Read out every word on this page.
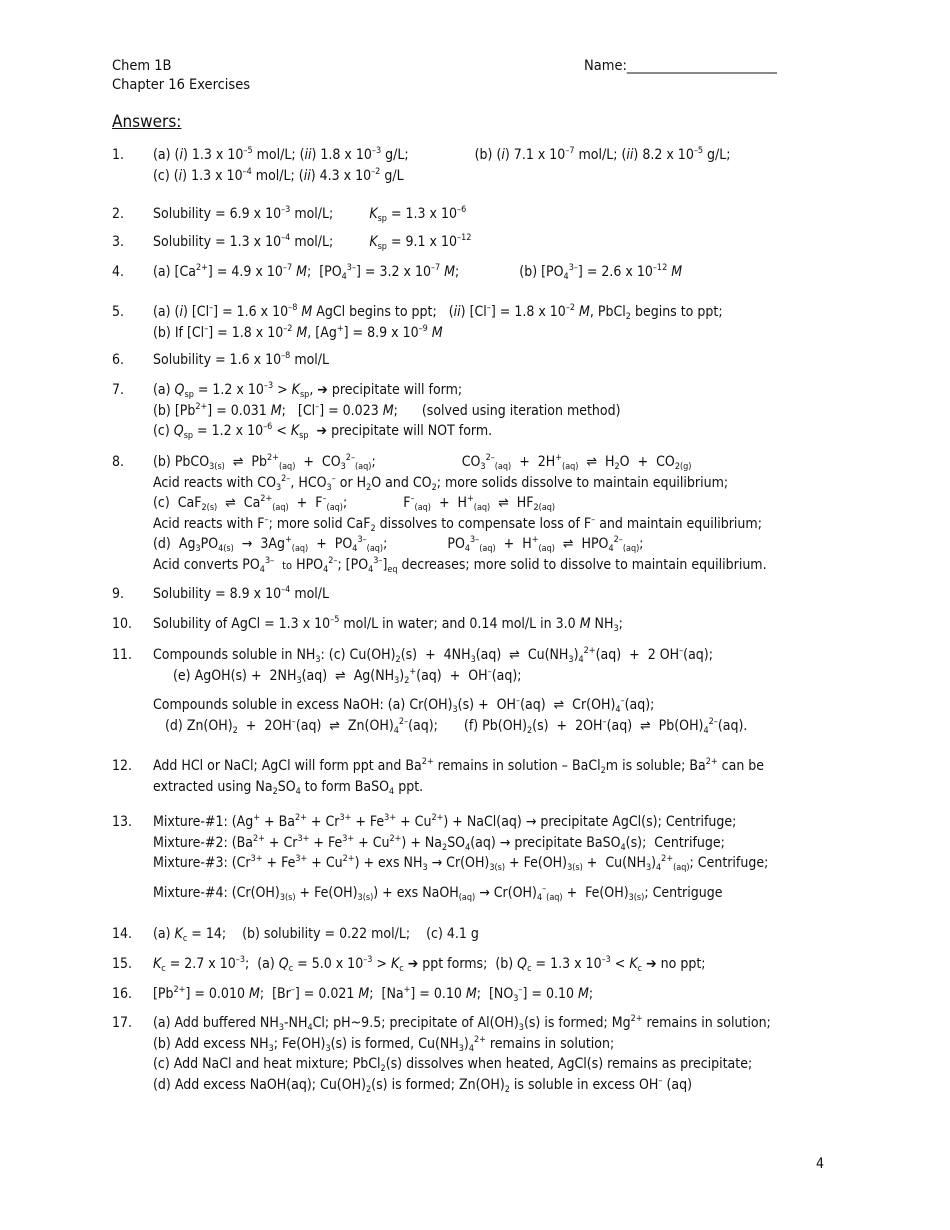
Chem 1B
Chapter 16 Exercises
Name:_______________________
Answers:
1.	(a) (i) 1.3 x $10^{-5}$ mol/L; (ii) 1.8 x $10^{-3}$ g/L;	(b) (i) 7.1 x $10^{-7}$ mol/L; (ii) 8.2 x $10^{-5}$ g/L;
(c) (i) 1.3 x $10^{-4}$ mol/L; (ii) 4.3 x $10^{-2}$ g/L
2.	Solubility = 6.9 x $10^{-3}$ mol/L;	$K_{sp} = 1.3$ x $10^{-6}$
3.	Solubility = 1.3 x $10^{-4}$ mol/L;	$K_{sp} = 9.1$ x $10^{-12}$
4.	(a) $[Ca^{2+}] = 4.9$ x $10^{-7}$ M;  $[PO_4^{3-}] = 3.2$ x $10^{-7}$ M;	(b) $[PO_4^{3-}] = 2.6$ x $10^{-12}$ M
5.	(a) (i) [Cl–] = 1.6 x $10^{-8}$ M AgCl begins to ppt;   (ii) [Cl–] = 1.8 x $10^{-2}$ M, PbCl$_2$ begins to ppt;
(b) If [Cl–] = 1.8 x $10^{-2}$ M, [Ag+] = 8.9 x $10^{-9}$ M
6.	Solubility = 1.6 x $10^{-8}$ mol/L
7.	(a) $Q_{sp} = 1.2$ x $10^{-3} > K_{sp}$, ➔ precipitate will form;
(b) $[Pb^{2+}] = 0.031$ M;   [Cl–] = 0.023 M; (solved using iteration method)
(c) $Q_{sp} = 1.2$ x $10^{-6} < K_{sp}$  ➔ precipitate will NOT form.
8.	(b) PbCO$_{3(s)}$  ⇌  $Pb^{2+}_{(aq)} + CO_3^{2-}_{(aq)}$;	$CO_3^{2-}_{(aq)} + 2H^+_{(aq)}$  ⇌  $H_2O + CO_{2(g)}$
Acid reacts with $CO_3^{2-}$, $HCO_3^-$ or $H_2O$ and $CO_2$; more solids dissolve to maintain equilibrium;
(c)  CaF$_{2(s)}$  ⇌  $Ca^{2+}_{(aq)} + F^-_{(aq)}$;	$F^-_{(aq)} + H^+_{(aq)}$  ⇌  $HF_{2(aq)}$
Acid reacts with F–; more solid CaF$_2$ dissolves to compensate loss of F– and maintain equilibrium;
(d)  $Ag_3PO_{4(s)} \to 3Ag^+_{(aq)} + PO_4^{3-}_{(aq)}$;	$PO_4^{3-}_{(aq)} + H^+_{(aq)}$  ⇌  $HPO_4^{2-}_{(aq)}$;
Acid converts $PO_4^{3-}$ to $HPO_4^{2-}$; $[PO_4^{3-}]_{eq}$ decreases; more solid to dissolve to maintain equilibrium.
9.	Solubility = 8.9 x $10^{-4}$ mol/L
10.	Solubility of AgCl = 1.3 x $10^{-5}$ mol/L in water; and 0.14 mol/L in 3.0 M $NH_3$;
11.	Compounds soluble in $NH_3$: (c) $Cu(OH)_2(s) + 4NH_3(aq)$  ⇌  $Cu(NH_3)_4^{2+}(aq) + 2$ OH–(aq);
(e) AgOH(s) +  $2NH_3(aq)$  ⇌  $Ag(NH_3)_2^+(aq) + OH^-(aq)$;
Compounds soluble in excess NaOH: (a) $Cr(OH)_3(s) + OH^-(aq)$  ⇌  $Cr(OH)_4^-(aq)$;
(d) $Zn(OH)_2 + 2OH^-(aq)$  ⇌  $Zn(OH)_4^{2-}(aq)$; (f) $Pb(OH)_2(s) + 2OH^-(aq)$  ⇌  $Pb(OH)_4^{2-}(aq)$.
12.	Add HCl or NaCl; AgCl will form ppt and $Ba^{2+}$ remains in solution – BaCl$_2$m is soluble; $Ba^{2+}$ can be
extracted using $Na_2SO_4$ to form BaSO$_4$ ppt.
13.	Mixture-#1: $(Ag^+ + Ba^{2+} + Cr^{3+} + Fe^{3+} + Cu^{2+})$ + NaCl(aq) → precipitate AgCl(s); Centrifuge;
Mixture-#2: $(Ba^{2+} + Cr^{3+} + Fe^{3+} + Cu^{2+}) + Na_2SO_4(aq)$ → precipitate BaSO$_4$(s);  Centrifuge;
Mixture-#3: $(Cr^{3+} + Fe^{3+} + Cu^{2+})$ + exs $NH_3 \to Cr(OH)_{3(s)} + Fe(OH)_{3(s)} + Cu(NH_3)_4^{2+}_{(aq)}$; Centrifuge;
Mixture-#4: $(Cr(OH)_{3(s)} + Fe(OH)_{3(s)})$ + exs NaOH$_{(aq)}$ → $Cr(OH)_4^-_{(aq)} + Fe(OH)_{3(s)}$; Centriguge
14.	(a) $K_c = 14$;    (b) solubility = 0.22 mol/L;    (c) 4.1 g
15.	$K_c = 2.7$ x $10^{-3}$;  (a) $Q_c = 5.0$ x $10^{-3} > K_c$ ➔ ppt forms;  (b) $Q_c = 1.3$ x $10^{-3} < K_c$ ➔ no ppt;
16.	$[Pb^{2+}] = 0.010$ M;  [Br–] = 0.021 M;  [Na+] = 0.10 M;  $[NO_3^-] = 0.10$ M;
17.	(a) Add buffered $NH_3-NH_4Cl$; pH~9.5; precipitate of $Al(OH)_3(s)$ is formed; $Mg^{2+}$ remains in solution;
(b) Add excess $NH_3$; $Fe(OH)_3(s)$ is formed, $Cu(NH_3)_4^{2+}$ remains in solution;
(c) Add NaCl and heat mixture; PbCl$_2$(s) dissolves when heated, AgCl(s) remains as precipitate;
(d) Add excess NaOH(aq); $Cu(OH)_2(s)$ is formed; $Zn(OH)_2$ is soluble in excess OH– (aq)
4
